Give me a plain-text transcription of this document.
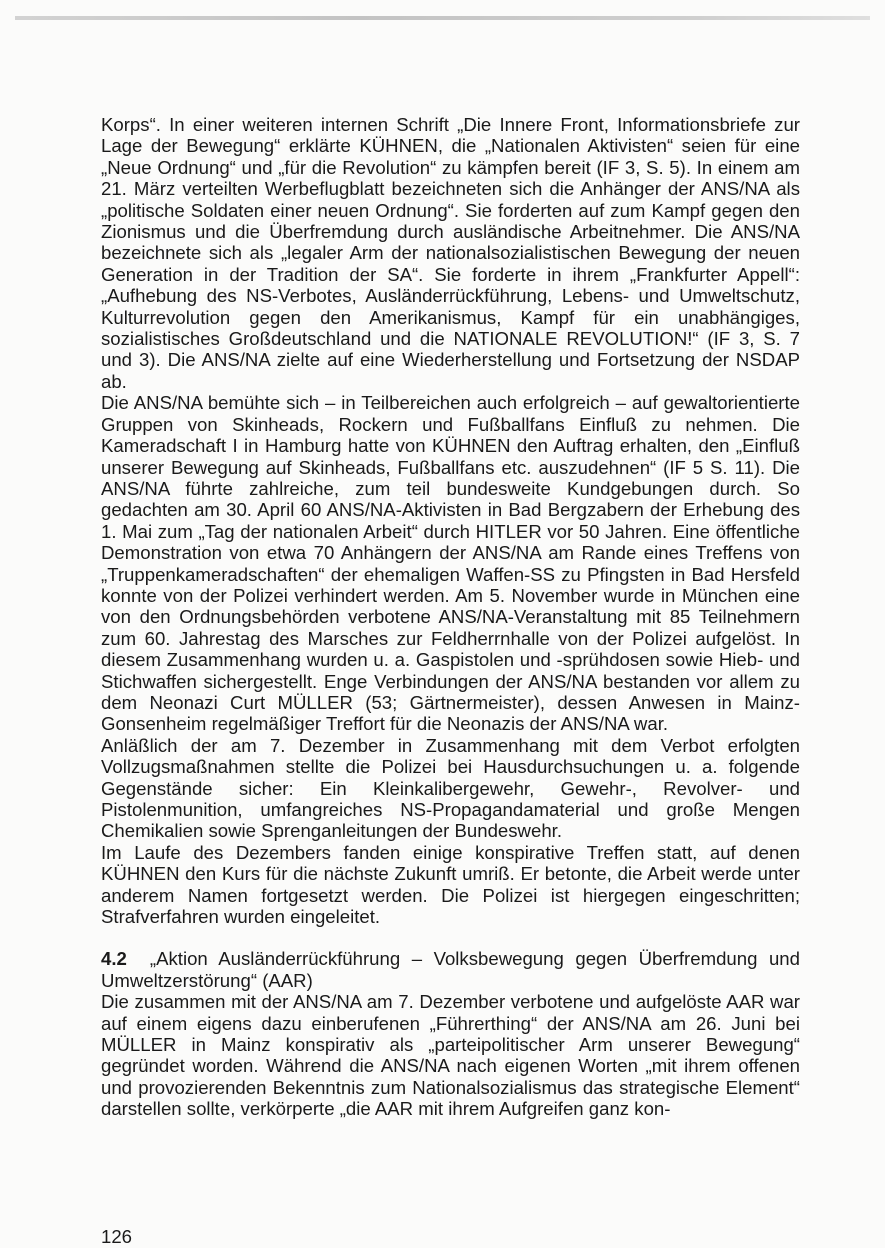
Korps“. In einer weiteren internen Schrift „Die Innere Front, Informationsbriefe zur Lage der Bewegung“ erklärte KÜHNEN, die „Nationalen Aktivisten“ seien für eine „Neue Ordnung“ und „für die Revolution“ zu kämpfen bereit (IF 3, S. 5). In einem am 21. März verteilten Werbeflugblatt bezeichneten sich die Anhänger der ANS/NA als „politische Soldaten einer neuen Ordnung“. Sie forderten auf zum Kampf gegen den Zionismus und die Überfremdung durch ausländische Arbeitnehmer. Die ANS/NA bezeichnete sich als „legaler Arm der nationalsozialistischen Bewegung der neuen Generation in der Tradition der SA“. Sie forderte in ihrem „Frankfurter Appell“: „Aufhebung des NS-Verbotes, Ausländerrückführung, Lebens- und Umweltschutz, Kulturrevolution gegen den Amerikanismus, Kampf für ein unabhängiges, sozialistisches Großdeutschland und die NATIONALE REVOLUTION!“ (IF 3, S. 7 und 3). Die ANS/NA zielte auf eine Wiederherstellung und Fortsetzung der NSDAP ab.

Die ANS/NA bemühte sich – in Teilbereichen auch erfolgreich – auf gewaltorientierte Gruppen von Skinheads, Rockern und Fußballfans Einfluß zu nehmen. Die Kameradschaft I in Hamburg hatte von KÜHNEN den Auftrag erhalten, den „Einfluß unserer Bewegung auf Skinheads, Fußballfans etc. auszudehnen“ (IF 5 S. 11). Die ANS/NA führte zahlreiche, zum teil bundesweite Kundgebungen durch. So gedachten am 30. April 60 ANS/NA-Aktivisten in Bad Bergzabern der Erhebung des 1. Mai zum „Tag der nationalen Arbeit“ durch HITLER vor 50 Jahren. Eine öffentliche Demonstration von etwa 70 Anhängern der ANS/NA am Rande eines Treffens von „Truppenkameradschaften“ der ehemaligen Waffen-SS zu Pfingsten in Bad Hersfeld konnte von der Polizei verhindert werden. Am 5. November wurde in München eine von den Ordnungsbehörden verbotene ANS/NA-Veranstaltung mit 85 Teilnehmern zum 60. Jahrestag des Marsches zur Feldherrnhalle von der Polizei aufgelöst. In diesem Zusammenhang wurden u. a. Gaspistolen und -sprühdosen sowie Hieb- und Stichwaffen sichergestellt. Enge Verbindungen der ANS/NA bestanden vor allem zu dem Neonazi Curt MÜLLER (53; Gärtnermeister), dessen Anwesen in Mainz-Gonsenheim regelmäßiger Treffort für die Neonazis der ANS/NA war.

Anläßlich der am 7. Dezember in Zusammenhang mit dem Verbot erfolgten Vollzugsmaßnahmen stellte die Polizei bei Hausdurchsuchungen u. a. folgende Gegenstände sicher: Ein Kleinkalibergewehr, Gewehr-, Revolver- und Pistolenmunition, umfangreiches NS-Propagandamaterial und große Mengen Chemikalien sowie Sprenganleitungen der Bundeswehr.

Im Laufe des Dezembers fanden einige konspirative Treffen statt, auf denen KÜHNEN den Kurs für die nächste Zukunft umriß. Er betonte, die Arbeit werde unter anderem Namen fortgesetzt werden. Die Polizei ist hiergegen eingeschritten; Strafverfahren wurden eingeleitet.

4.2 „Aktion Ausländerrückführung – Volksbewegung gegen Überfremdung und Umweltzerstörung“ (AAR)

Die zusammen mit der ANS/NA am 7. Dezember verbotene und aufgelöste AAR war auf einem eigens dazu einberufenen „Führerthing“ der ANS/NA am 26. Juni bei MÜLLER in Mainz konspirativ als „parteipolitischer Arm unserer Bewegung“ gegründet worden. Während die ANS/NA nach eigenen Worten „mit ihrem offenen und provozierenden Bekenntnis zum Nationalsozialismus das strategische Element“ darstellen sollte, verkörperte „die AAR mit ihrem Aufgreifen ganz kon-

126
